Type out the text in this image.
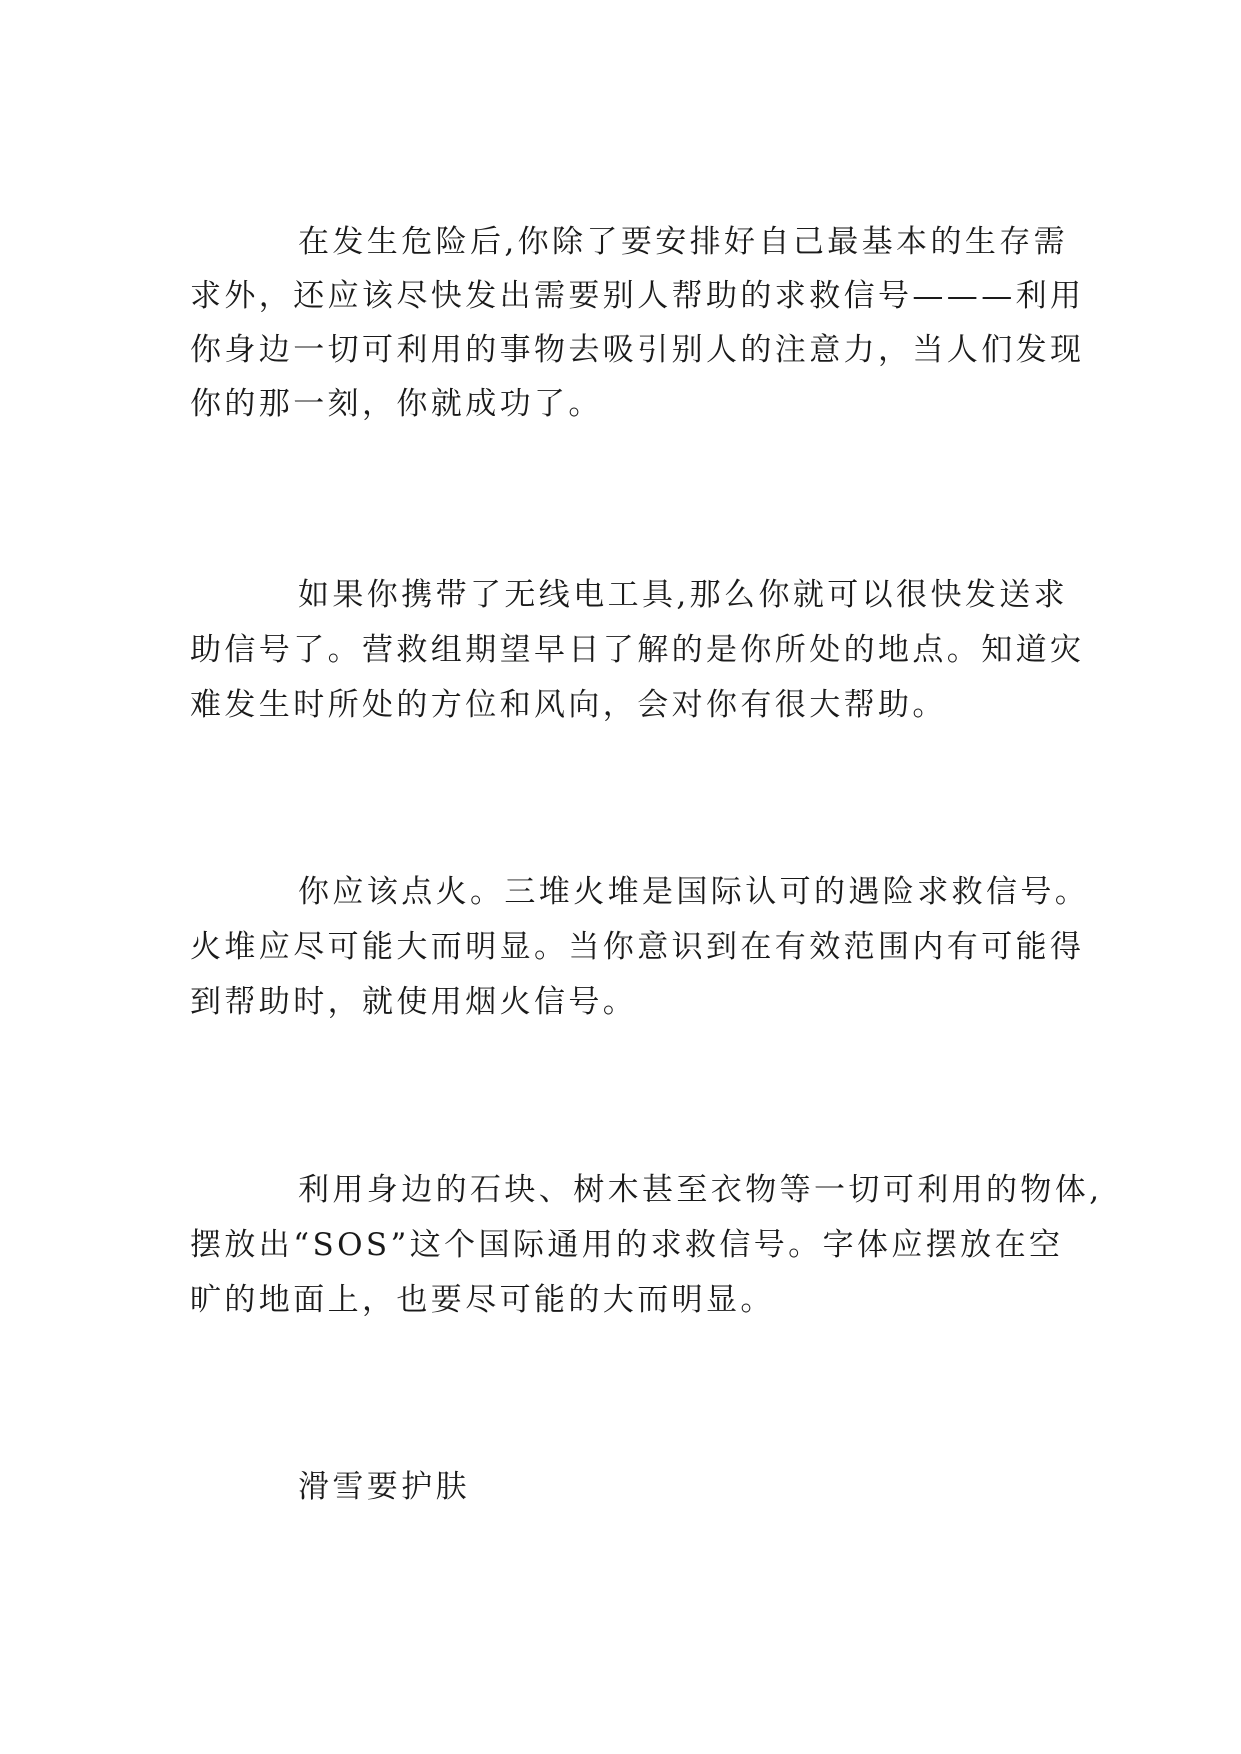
在发生危险后,你除了要安排好自己最基本的生存需
求外，还应该尽快发出需要别人帮助的求救信号———利用
你身边一切可利用的事物去吸引别人的注意力，当人们发现
你的那一刻，你就成功了。
如果你携带了无线电工具,那么你就可以很快发送求
助信号了。营救组期望早日了解的是你所处的地点。知道灾
难发生时所处的方位和风向，会对你有很大帮助。
你应该点火。三堆火堆是国际认可的遇险求救信号。
火堆应尽可能大而明显。当你意识到在有效范围内有可能得
到帮助时，就使用烟火信号。
利用身边的石块、树木甚至衣物等一切可利用的物体,
摆放出“SOS”这个国际通用的求救信号。字体应摆放在空
旷的地面上，也要尽可能的大而明显。
滑雪要护肤
